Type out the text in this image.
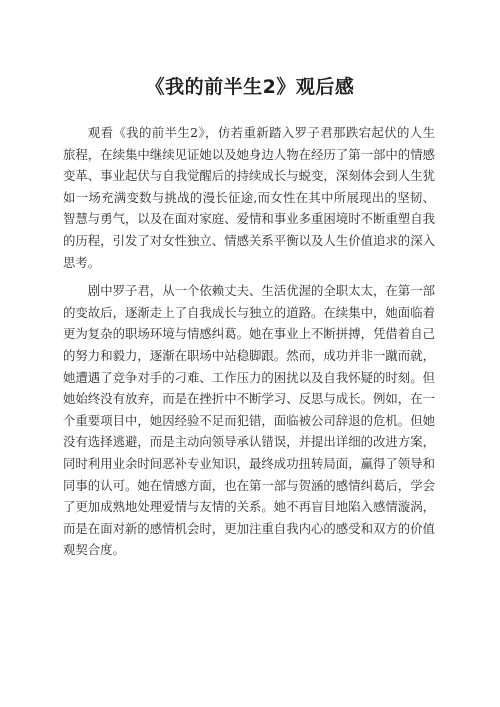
《我的前半生2》观后感

观看《我的前半生2》，仿若重新踏入罗子君那跌宕起伏的人生旅程，在续集中继续见证她以及她身边人物在经历了第一部中的情感变革、事业起伏与自我觉醒后的持续成长与蜕变，深刻体会到人生犹如一场充满变数与挑战的漫长征途,而女性在其中所展现出的坚韧、智慧与勇气，以及在面对家庭、爱情和事业多重困境时不断重塑自我的历程，引发了对女性独立、情感关系平衡以及人生价值追求的深入思考。

剧中罗子君，从一个依赖丈夫、生活优渥的全职太太，在第一部的变故后，逐渐走上了自我成长与独立的道路。在续集中，她面临着更为复杂的职场环境与情感纠葛。她在事业上不断拼搏，凭借着自己的努力和毅力，逐渐在职场中站稳脚跟。然而，成功并非一蹴而就，她遭遇了竞争对手的刁难、工作压力的困扰以及自我怀疑的时刻。但她始终没有放弃，而是在挫折中不断学习、反思与成长。例如，在一个重要项目中，她因经验不足而犯错，面临被公司辞退的危机。但她没有选择逃避，而是主动向领导承认错误，并提出详细的改进方案，同时利用业余时间恶补专业知识，最终成功扭转局面，赢得了领导和同事的认可。她在情感方面，也在第一部与贺涵的感情纠葛后，学会了更加成熟地处理爱情与友情的关系。她不再盲目地陷入感情漩涡，而是在面对新的感情机会时，更加注重自我内心的感受和双方的价值观契合度。
